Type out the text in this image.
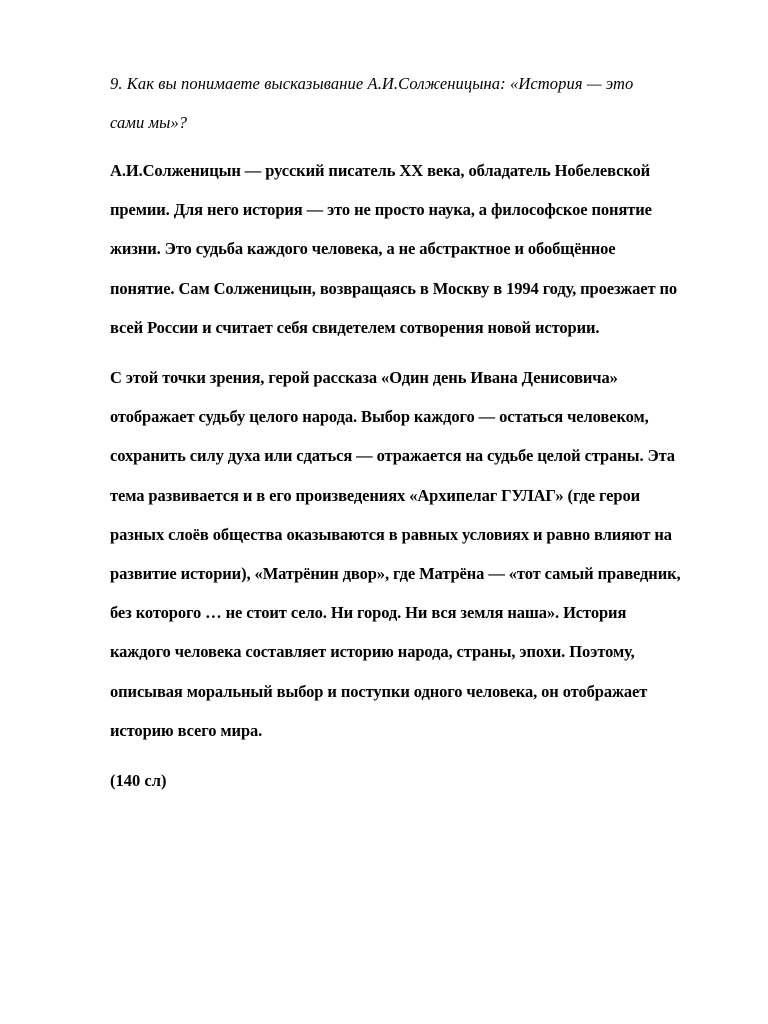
9. Как вы понимаете высказывание А.И.Солженицына: «История — это
сами мы»?

А.И.Солженицын — русский писатель XX века, обладатель Нобелевской
премии. Для него история — это не просто наука, а философское понятие
жизни. Это судьба каждого человека, а не абстрактное и обобщённое
понятие. Сам Солженицын, возвращаясь в Москву в 1994 году, проезжает по
всей России и считает себя свидетелем сотворения новой истории.

С этой точки зрения, герой рассказа «Один день Ивана Денисовича»
отображает судьбу целого народа. Выбор каждого — остаться человеком,
сохранить силу духа или сдаться — отражается на судьбе целой страны. Эта
тема развивается и в его произведениях «Архипелаг ГУЛАГ» (где герои
разных слоёв общества оказываются в равных условиях и равно влияют на
развитие истории), «Матрёнин двор», где Матрёна — «тот самый праведник,
без которого … не стоит село. Ни город. Ни вся земля наша». История
каждого человека составляет историю народа, страны, эпохи. Поэтому,
описывая моральный выбор и поступки одного человека, он отображает
историю всего мира.

(140 сл)
